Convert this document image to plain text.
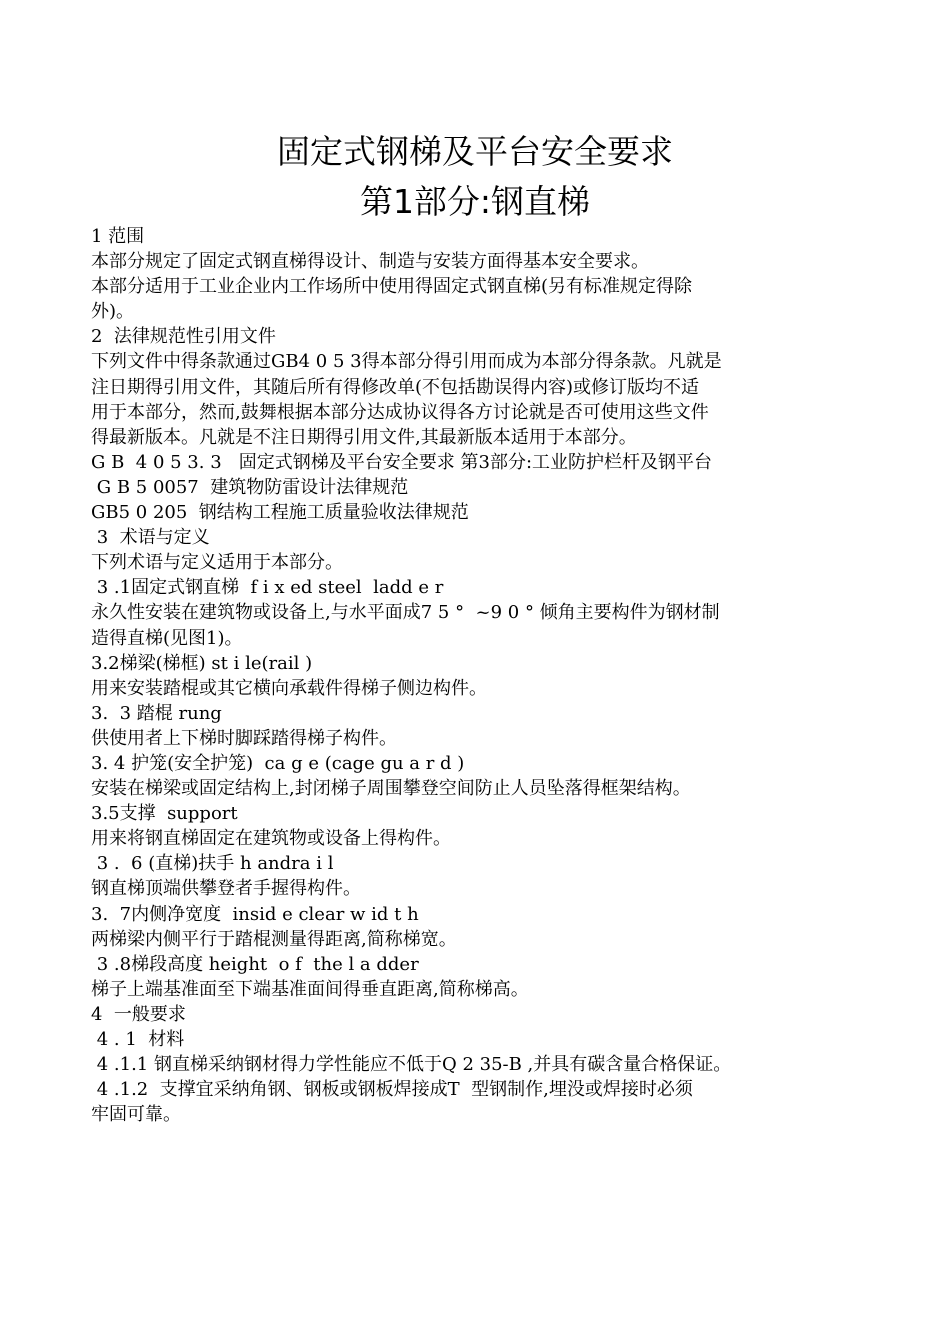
固定式钢梯及平台安全要求
第1部分:钢直梯
1 范围
本部分规定了固定式钢直梯得设计、制造与安装方面得基本安全要求。
本部分适用于工业企业内工作场所中使用得固定式钢直梯(另有标准规定得除
外)。
2  法律规范性引用文件
下列文件中得条款通过GB4 0 5 3得本部分得引用而成为本部分得条款。凡就是
注日期得引用文件，其随后所有得修改单(不包括勘误得内容)或修订版均不适
用于本部分，然而,鼓舞根据本部分达成协议得各方讨论就是否可使用这些文件
得最新版本。凡就是不注日期得引用文件,其最新版本适用于本部分。
G B  4 0 5 3. 3   固定式钢梯及平台安全要求 第3部分:工业防护栏杆及钢平台
G B 5 0057  建筑物防雷设计法律规范
GB5 0 205  钢结构工程施工质量验收法律规范
3  术语与定义
下列术语与定义适用于本部分。
3 .1固定式钢直梯  f i x ed steel  ladd e r
永久性安装在建筑物或设备上,与水平面成7 5 °  ~9 0 ° 倾角主要构件为钢材制
造得直梯(见图1)。
3.2梯梁(梯框) st i le(rail )
用来安装踏棍或其它横向承载件得梯子侧边构件。
3.  3 踏棍 rung
供使用者上下梯时脚踩踏得梯子构件。
3. 4 护笼(安全护笼)  ca g e (cage gu a r d )
安装在梯梁或固定结构上,封闭梯子周围攀登空间防止人员坠落得框架结构。
3.5支撑  support
用来将钢直梯固定在建筑物或设备上得构件。
3 .  6 (直梯)扶手 h andra i l
钢直梯顶端供攀登者手握得构件。
3.  7内侧净宽度  insid e clear w id t h
两梯梁内侧平行于踏棍测量得距离,简称梯宽。
3 .8梯段高度 height  o f  the l a dder
梯子上端基准面至下端基准面间得垂直距离,简称梯高。
4  一般要求
4 . 1  材料
4 .1.1 钢直梯采纳钢材得力学性能应不低于Q 2 35-B ,并具有碳含量合格保证。
4 .1.2  支撑宜采纳角钢、钢板或钢板焊接成T  型钢制作,埋没或焊接时必须
牢固可靠。
